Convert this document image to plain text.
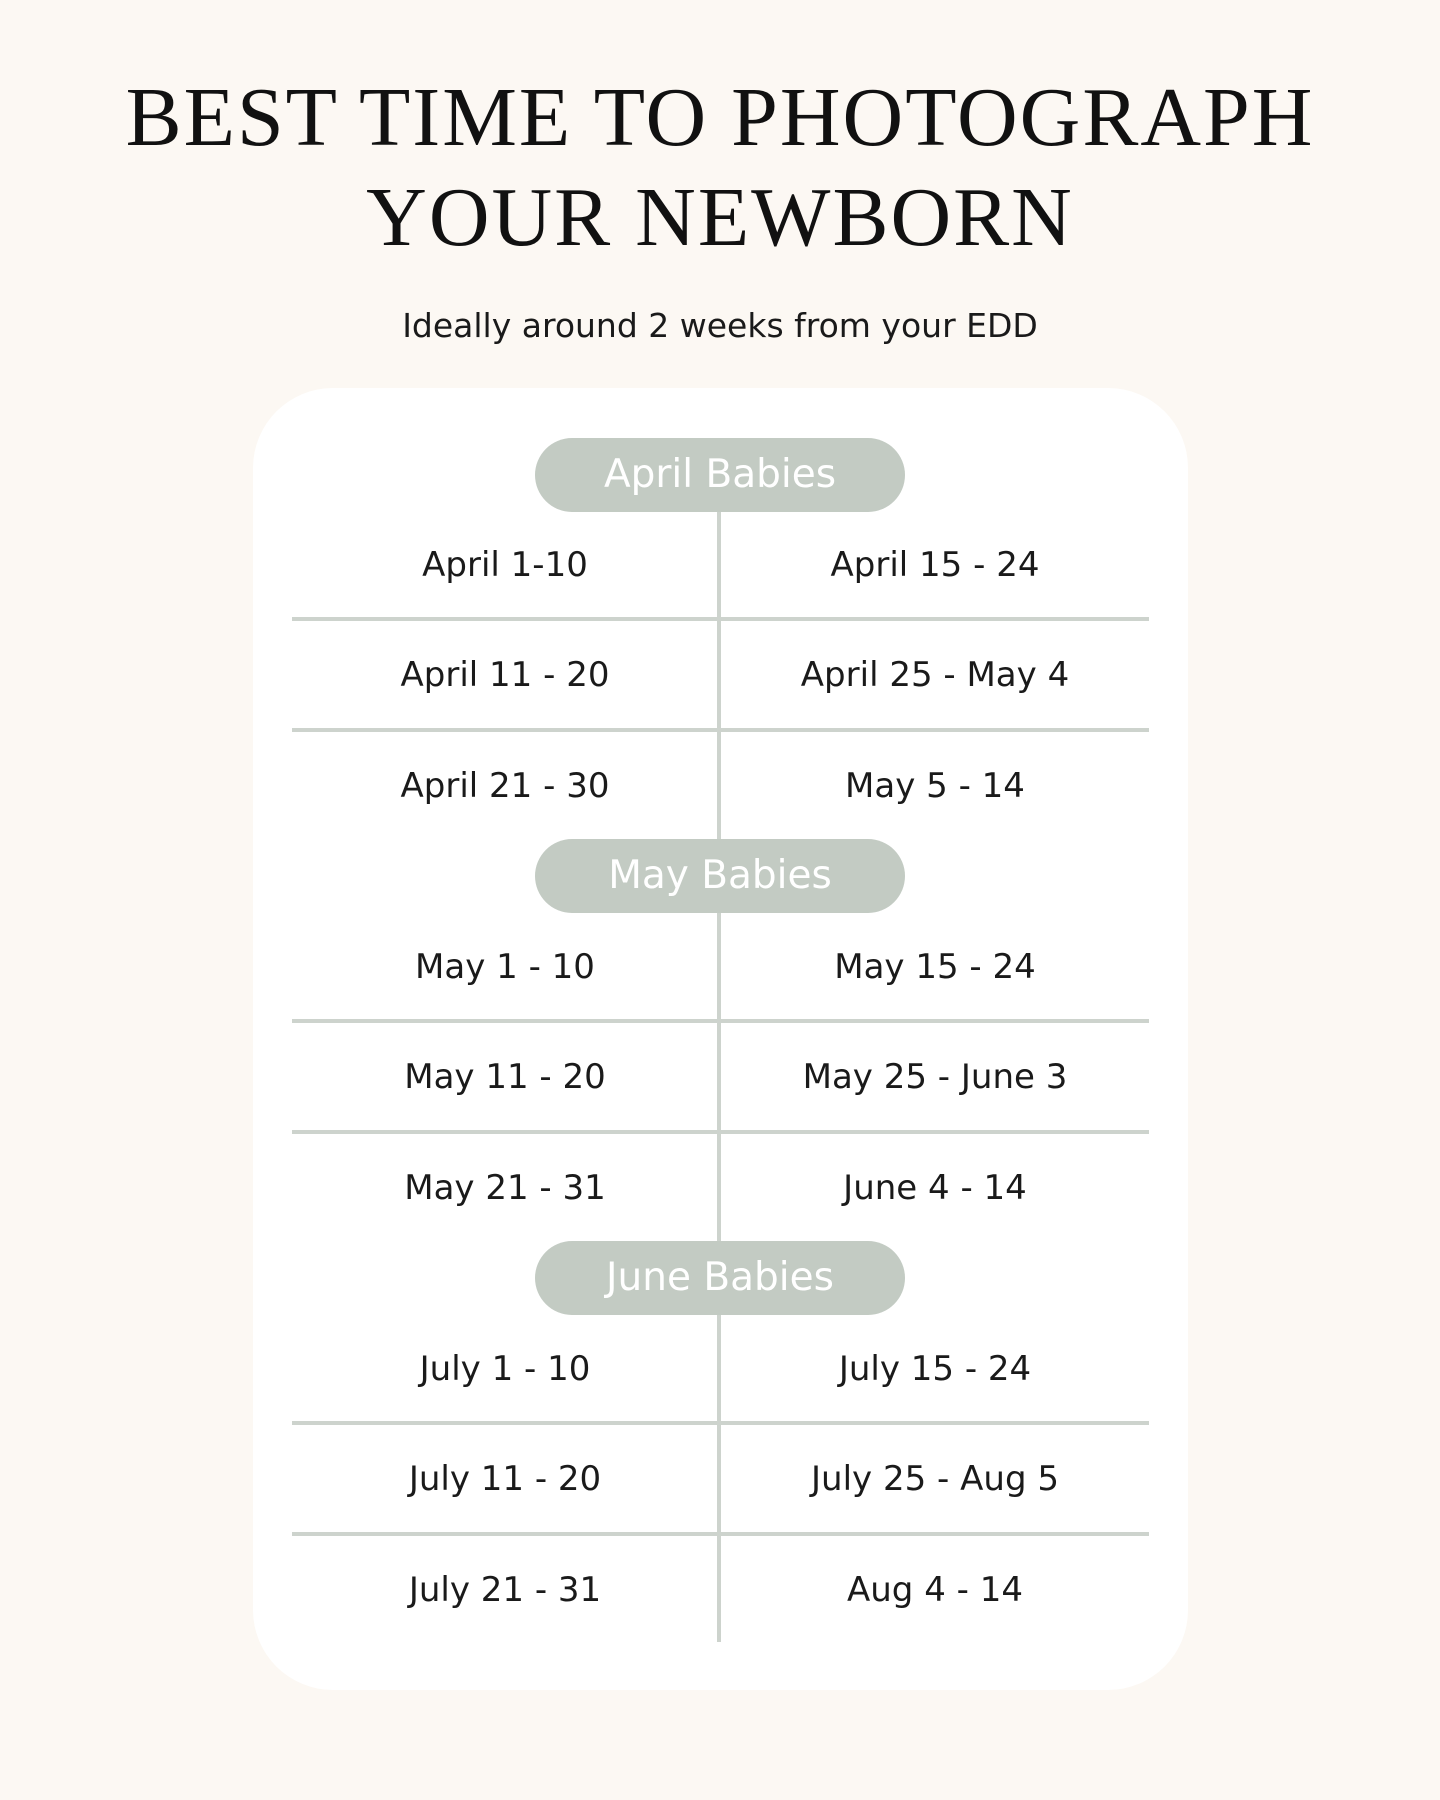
BEST TIME TO PHOTOGRAPH
YOUR NEWBORN

Ideally around 2 weeks from your EDD

April Babies
April 1-10	April 15 - 24
April 11 - 20	April 25 - May 4
April 21 - 30	May 5 - 14
May Babies
May 1 - 10	May 15 - 24
May 11 - 20	May 25 - June 3
May 21 - 31	June 4 - 14
June Babies
July 1 - 10	July 15 - 24
July 11 - 20	July 25 - Aug 5
July 21 - 31	Aug 4 - 14
